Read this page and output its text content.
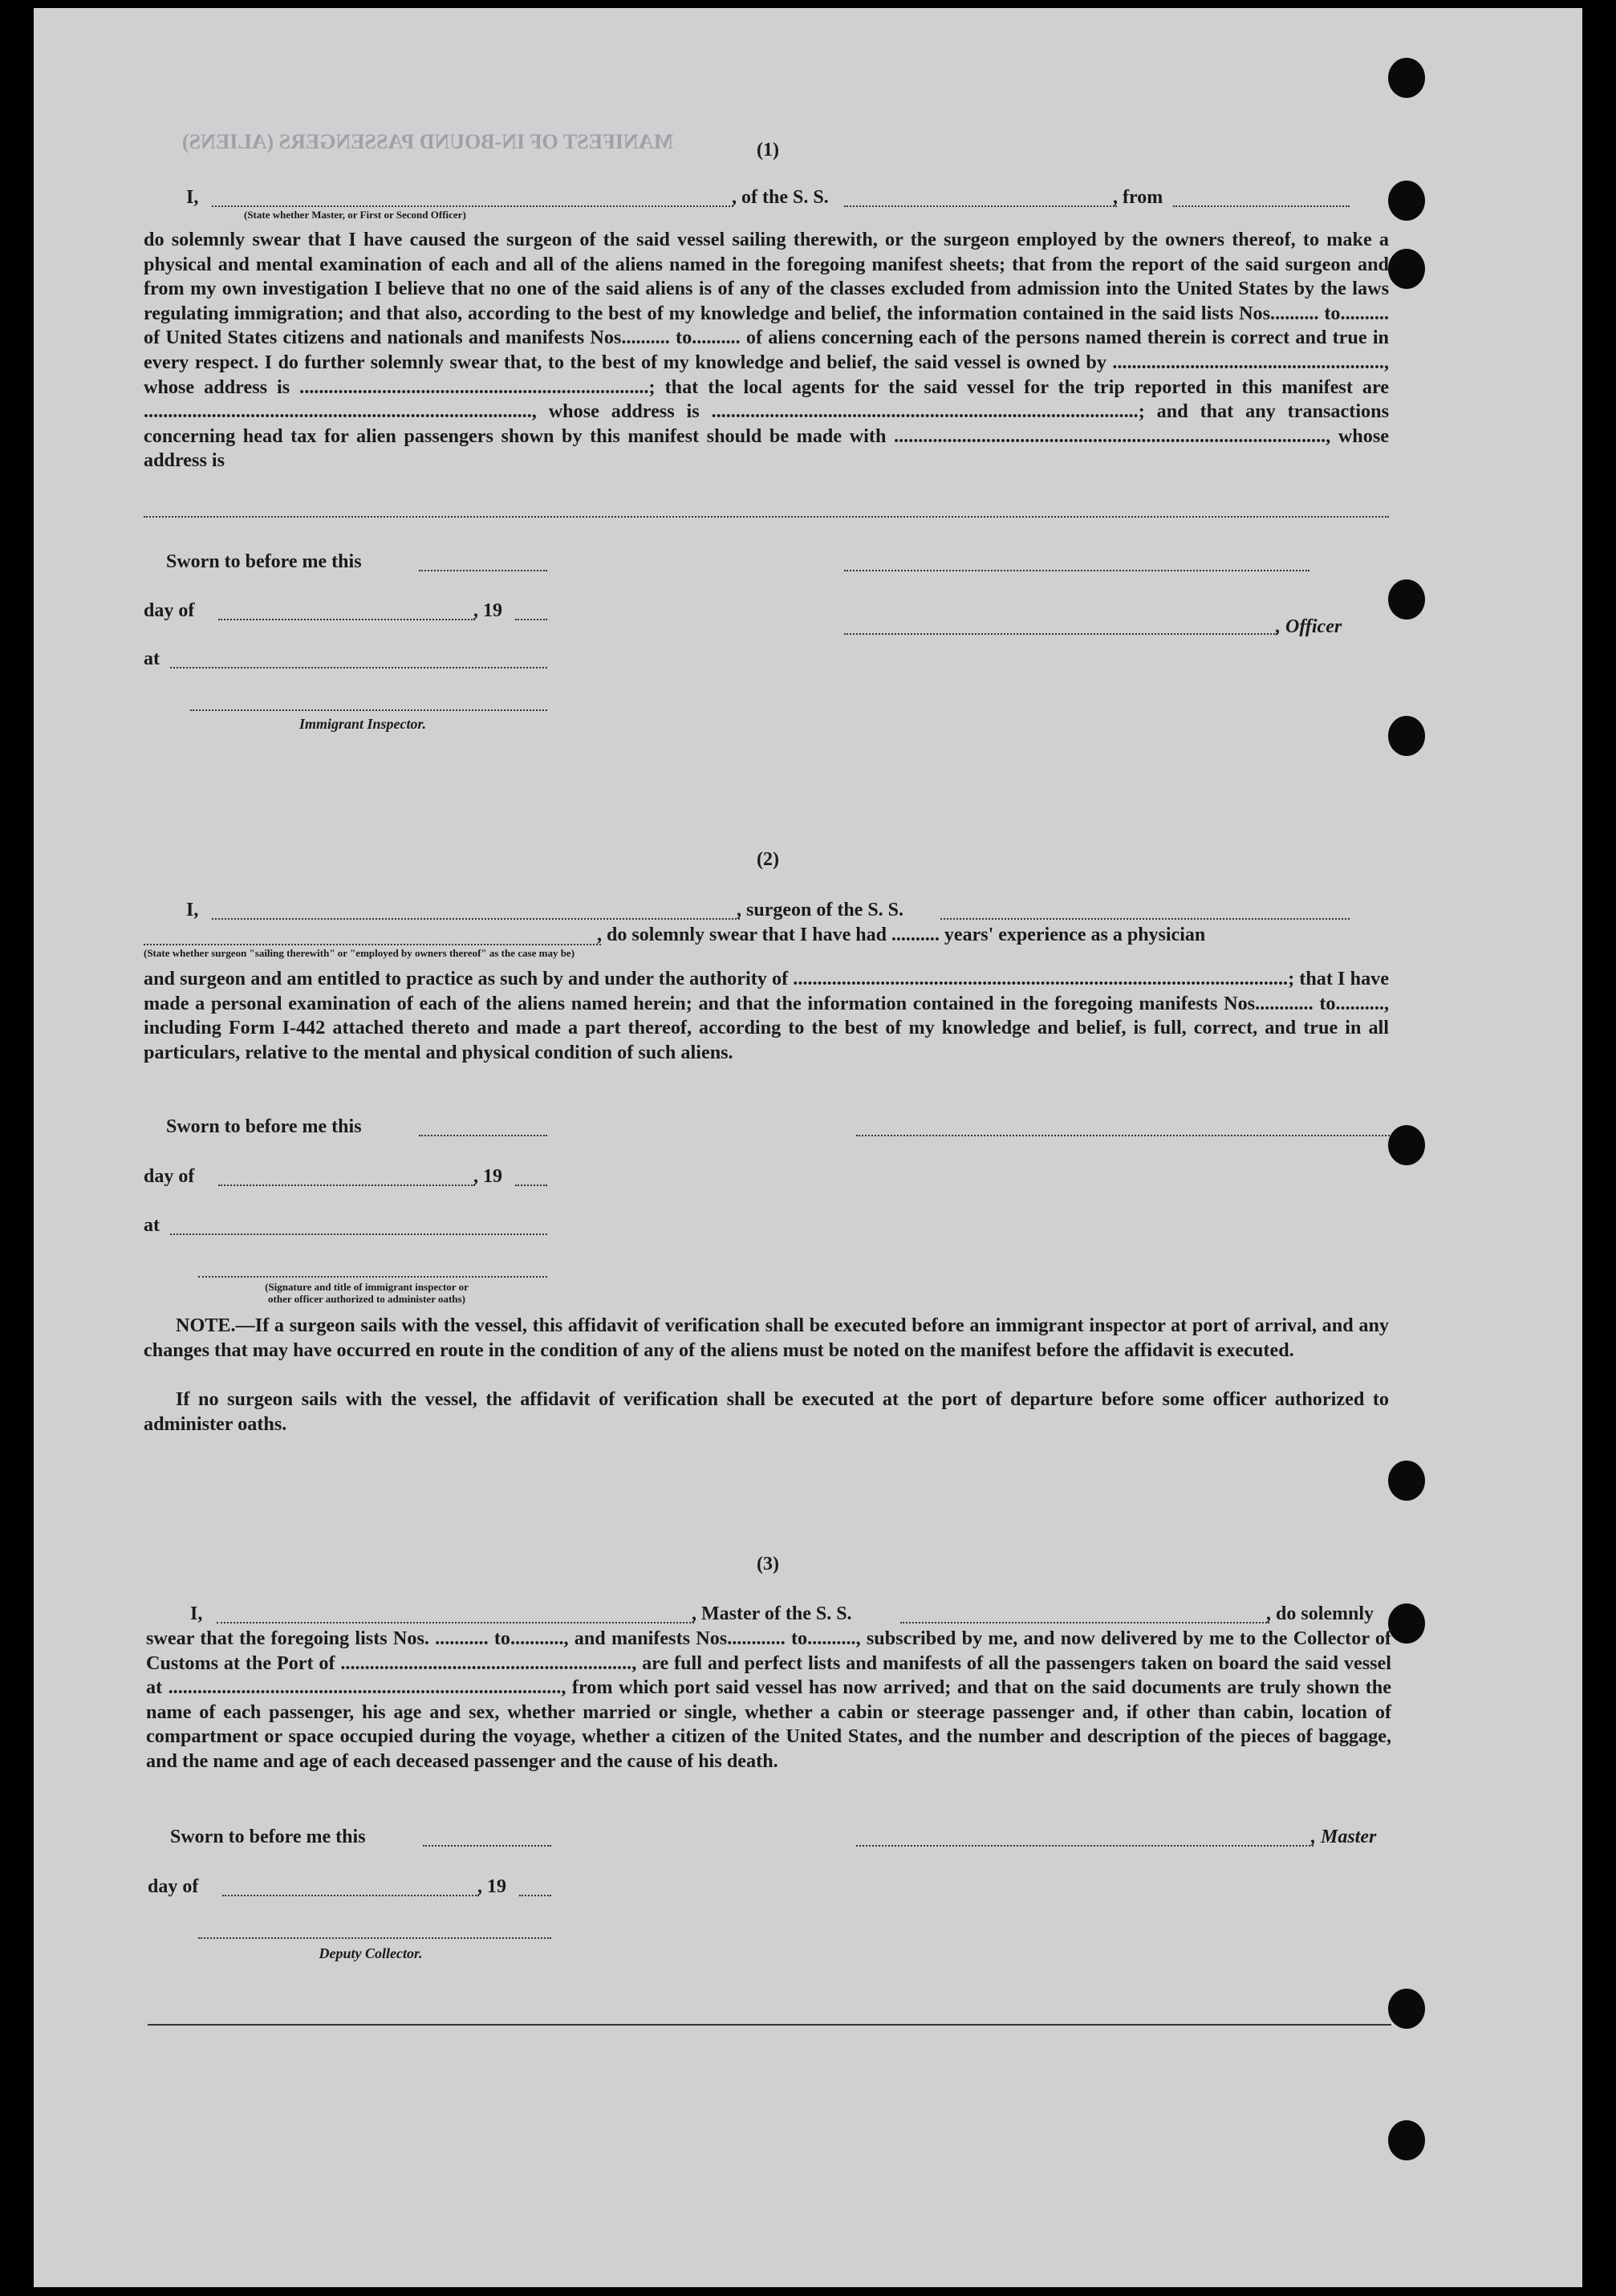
MANIFEST OF IN-BOUND PASSENGERS (ALIENS)	(1)
I,	, of the S. S.	, from
(State whether Master, or First or Second Officer)
do solemnly swear that I have caused the surgeon of the said vessel sailing therewith, or the surgeon employed by the owners thereof, to make a physical and mental examination of each and all of the aliens named in the foregoing manifest sheets; that from the report of the said surgeon and from my own investigation I believe that no one of the said aliens is of any of the classes excluded from admission into the United States by the laws regulating immigration; and that also, according to the best of my knowledge and belief, the information contained in the said lists Nos.......... to.......... of United States citizens and nationals and manifests Nos.......... to.......... of aliens concerning each of the persons named therein is correct and true in every respect. I do further solemnly swear that, to the best of my knowledge and belief, the said vessel is owned by ........................................................, whose address is ........................................................................; that the local agents for the said vessel for the trip reported in this manifest are ................................................................................, whose address is ........................................................................................; and that any transactions concerning head tax for alien passengers shown by this manifest should be made with ........................................................................................., whose address is
Sworn to before me this
day of	, 19
, Officer
at
Immigrant Inspector.
(2)
I,	, surgeon of the S. S.
, do solemnly swear that I have had .......... years' experience as a physician
(State whether surgeon "sailing therewith" or "employed by owners thereof" as the case may be)
and surgeon and am entitled to practice as such by and under the authority of ......................................................................................................; that I have made a personal examination of each of the aliens named herein; and that the information contained in the foregoing manifests Nos............ to.........., including Form I-442 attached thereto and made a part thereof, according to the best of my knowledge and belief, is full, correct, and true in all particulars, relative to the mental and physical condition of such aliens.
Sworn to before me this
day of	, 19
at
(Signature and title of immigrant inspector or
other officer authorized to administer oaths)
NOTE.—If a surgeon sails with the vessel, this affidavit of verification shall be executed before an immigrant inspector at port of arrival, and any changes that may have occurred en route in the condition of any of the aliens must be noted on the manifest before the affidavit is executed.
If no surgeon sails with the vessel, the affidavit of verification shall be executed at the port of departure before some officer authorized to administer oaths.
(3)
I,	, Master of the S. S.	, do solemnly
swear that the foregoing lists Nos. ........... to..........., and manifests Nos............ to.........., subscribed by me, and now delivered by me to the Collector of Customs at the Port of ............................................................, are full and perfect lists and manifests of all the passengers taken on board the said vessel at ................................................................................., from which port said vessel has now arrived; and that on the said documents are truly shown the name of each passenger, his age and sex, whether married or single, whether a cabin or steerage passenger and, if other than cabin, location of compartment or space occupied during the voyage, whether a citizen of the United States, and the number and description of the pieces of baggage, and the name and age of each deceased passenger and the cause of his death.
Sworn to before me this	, Master
day of	, 19
Deputy Collector.
